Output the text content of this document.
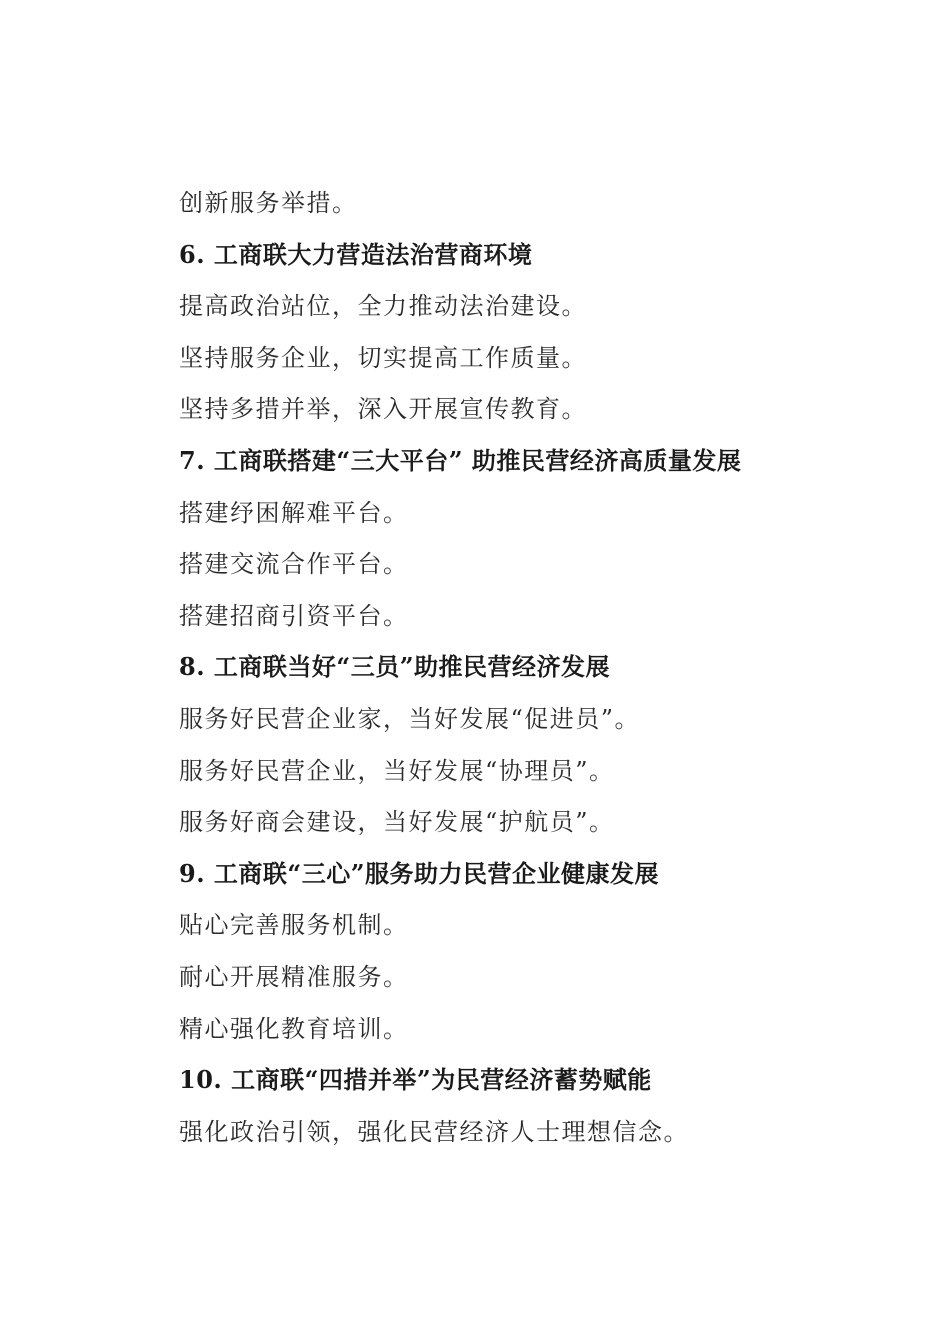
创新服务举措。
6. 工商联大力营造法治营商环境
提高政治站位，全力推动法治建设。
坚持服务企业，切实提高工作质量。
坚持多措并举，深入开展宣传教育。
7. 工商联搭建“三大平台” 助推民营经济高质量发展
搭建纾困解难平台。
搭建交流合作平台。
搭建招商引资平台。
8. 工商联当好“三员”助推民营经济发展
服务好民营企业家，当好发展“促进员”。
服务好民营企业，当好发展“协理员”。
服务好商会建设，当好发展“护航员”。
9. 工商联“三心”服务助力民营企业健康发展
贴心完善服务机制。
耐心开展精准服务。
精心强化教育培训。
10. 工商联“四措并举”为民营经济蓄势赋能
强化政治引领，强化民营经济人士理想信念。
